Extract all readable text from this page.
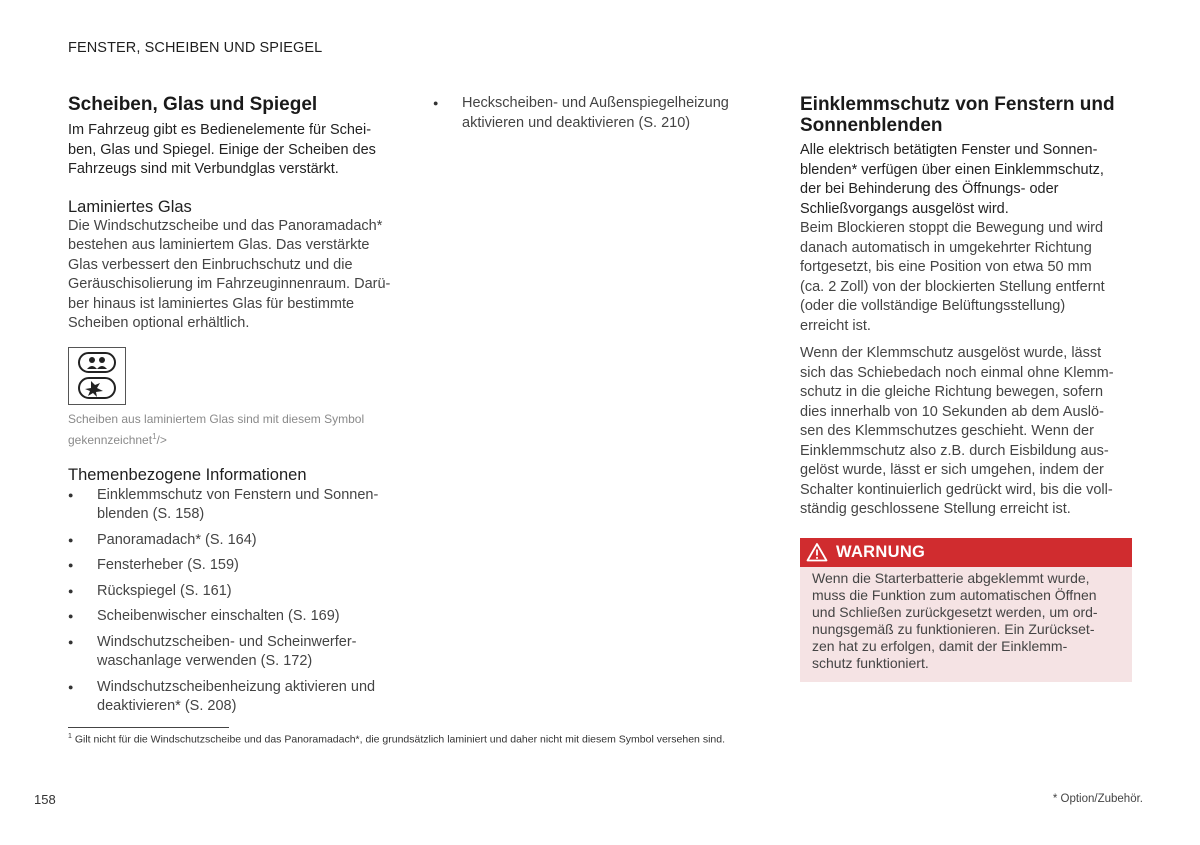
FENSTER, SCHEIBEN UND SPIEGEL
Scheiben, Glas und Spiegel

Im Fahrzeug gibt es Bedienelemente für Schei-
ben, Glas und Spiegel. Einige der Scheiben des
Fahrzeugs sind mit Verbundglas verstärkt.

Laminiertes Glas

Die Windschutzscheibe und das Panoramadach*
bestehen aus laminiertem Glas. Das verstärkte
Glas verbessert den Einbruchschutz und die
Geräuschisolierung im Fahrzeuginnenraum. Darü-
ber hinaus ist laminiertes Glas für bestimmte
Scheiben optional erhältlich.

Scheiben aus laminiertem Glas sind mit diesem Symbol
gekennzeichnet$^1$/>
Themenbezogene Informationen
● Einklemmschutz von Fenstern und Sonnen-
blenden (S. 158)
● Panoramadach* (S. 164)
● Fensterheber (S. 159)
● Rückspiegel (S. 161)
● Scheibenwischer einschalten (S. 169)
● Windschutzscheiben- und Scheinwerfer-
waschanlage verwenden (S. 172)
● Windschutzscheibenheizung aktivieren und
deaktivieren* (S. 208)
● Heckscheiben- und Außenspiegelheizung
aktivieren und deaktivieren (S. 210)
Einklemmschutz von Fenstern und
Sonnenblenden

Alle elektrisch betätigten Fenster und Sonnen-
blenden* verfügen über einen Einklemmschutz,
der bei Behinderung des Öffnungs- oder
Schließvorgangs ausgelöst wird.

Beim Blockieren stoppt die Bewegung und wird
danach automatisch in umgekehrter Richtung
fortgesetzt, bis eine Position von etwa 50 mm
(ca. 2 Zoll) von der blockierten Stellung entfernt
(oder die vollständige Belüftungsstellung)
erreicht ist.

Wenn der Klemmschutz ausgelöst wurde, lässt
sich das Schiebedach noch einmal ohne Klemm-
schutz in die gleiche Richtung bewegen, sofern
dies innerhalb von 10 Sekunden ab dem Auslö-
sen des Klemmschutzes geschieht. Wenn der
Einklemmschutz also z.B. durch Eisbildung aus-
gelöst wurde, lässt er sich umgehen, indem der
Schalter kontinuierlich gedrückt wird, bis die voll-
ständig geschlossene Stellung erreicht ist.

WARNUNG
Wenn die Starterbatterie abgeklemmt wurde,
muss die Funktion zum automatischen Öffnen
und Schließen zurückgesetzt werden, um ord-
nungsgemäß zu funktionieren. Ein Zurückset-
zen hat zu erfolgen, damit der Einklemm-
schutz funktioniert.
$^1$ Gilt nicht für die Windschutzscheibe und das Panoramadach*, die grundsätzlich laminiert und daher nicht mit diesem Symbol versehen sind.
158	* Option/Zubehör.
